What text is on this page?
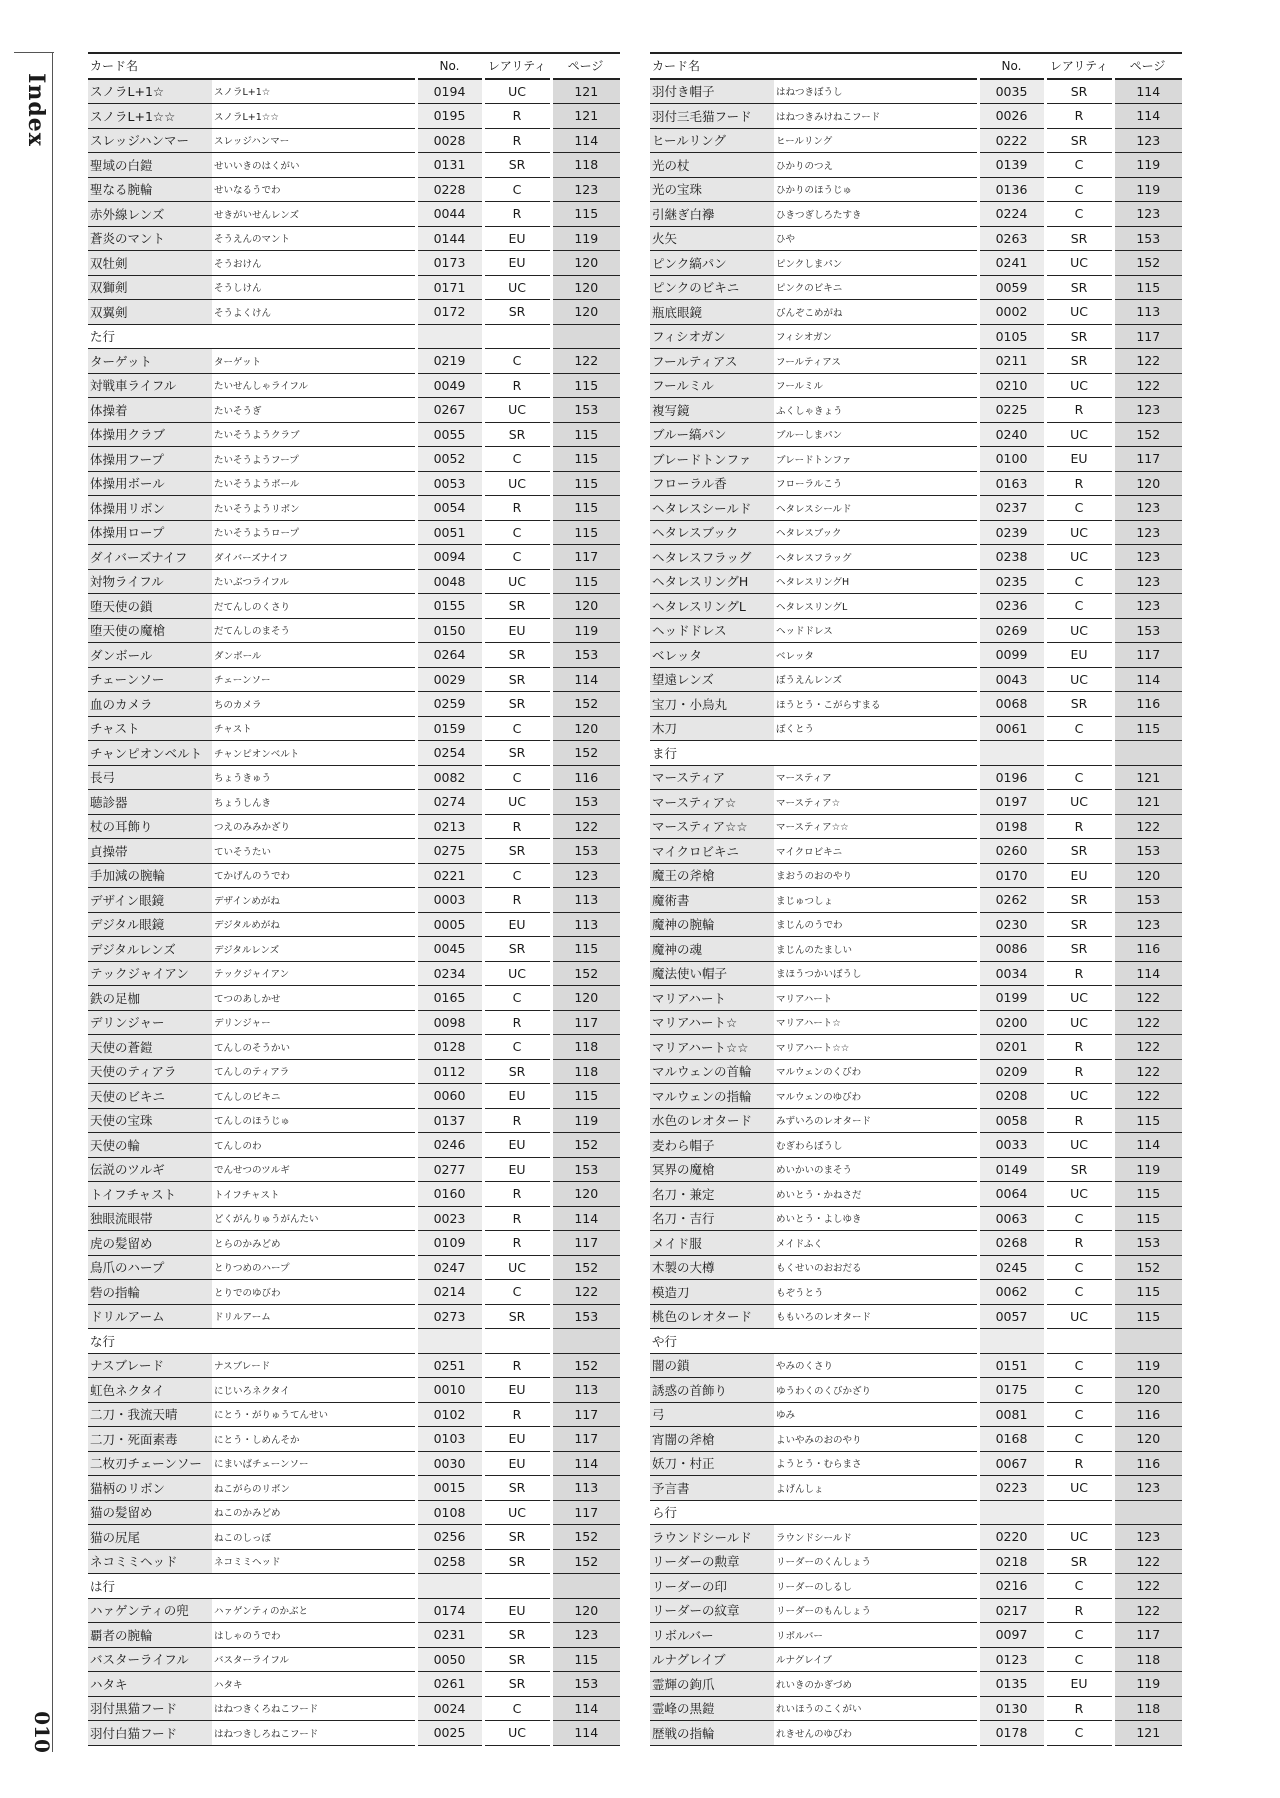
Index
010
カード名		No.	レアリティ	ページ
スノラL+1☆	スノラL+1☆	0194	UC	121
スノラL+1☆☆	スノラL+1☆☆	0195	R	121
スレッジハンマー	スレッジハンマー	0028	R	114
聖域の白鎧	せいいきのはくがい	0131	SR	118
聖なる腕輪	せいなるうでわ	0228	C	123
赤外線レンズ	せきがいせんレンズ	0044	R	115
蒼炎のマント	そうえんのマント	0144	EU	119
双牡剣	そうおけん	0173	EU	120
双獅剣	そうしけん	0171	UC	120
双翼剣	そうよくけん	0172	SR	120
た行				
ターゲット	ターゲット	0219	C	122
対戦車ライフル	たいせんしゃライフル	0049	R	115
体操着	たいそうぎ	0267	UC	153
体操用クラブ	たいそうようクラブ	0055	SR	115
体操用フープ	たいそうようフープ	0052	C	115
体操用ボール	たいそうようボール	0053	UC	115
体操用リボン	たいそうようリボン	0054	R	115
体操用ロープ	たいそうようロープ	0051	C	115
ダイバーズナイフ	ダイバーズナイフ	0094	C	117
対物ライフル	たいぶつライフル	0048	UC	115
堕天使の鎖	だてんしのくさり	0155	SR	120
堕天使の魔槍	だてんしのまそう	0150	EU	119
ダンボール	ダンボール	0264	SR	153
チェーンソー	チェーンソー	0029	SR	114
血のカメラ	ちのカメラ	0259	SR	152
チャスト	チャスト	0159	C	120
チャンピオンベルト	チャンピオンベルト	0254	SR	152
長弓	ちょうきゅう	0082	C	116
聴診器	ちょうしんき	0274	UC	153
杖の耳飾り	つえのみみかざり	0213	R	122
貞操帯	ていそうたい	0275	SR	153
手加減の腕輪	てかげんのうでわ	0221	C	123
デザイン眼鏡	デザインめがね	0003	R	113
デジタル眼鏡	デジタルめがね	0005	EU	113
デジタルレンズ	デジタルレンズ	0045	SR	115
テックジャイアン	テックジャイアン	0234	UC	152
鉄の足枷	てつのあしかせ	0165	C	120
デリンジャー	デリンジャー	0098	R	117
天使の蒼鎧	てんしのそうかい	0128	C	118
天使のティアラ	てんしのティアラ	0112	SR	118
天使のビキニ	てんしのビキニ	0060	EU	115
天使の宝珠	てんしのほうじゅ	0137	R	119
天使の輪	てんしのわ	0246	EU	152
伝説のツルギ	でんせつのツルギ	0277	EU	153
トイフチャスト	トイフチャスト	0160	R	120
独眼流眼帯	どくがんりゅうがんたい	0023	R	114
虎の髪留め	とらのかみどめ	0109	R	117
鳥爪のハープ	とりつめのハープ	0247	UC	152
砦の指輪	とりでのゆびわ	0214	C	122
ドリルアーム	ドリルアーム	0273	SR	153
な行				
ナスブレード	ナスブレード	0251	R	152
虹色ネクタイ	にじいろネクタイ	0010	EU	113
二刀・我流天晴	にとう・がりゅうてんせい	0102	R	117
二刀・死面素毒	にとう・しめんそか	0103	EU	117
二枚刃チェーンソー	にまいばチェーンソー	0030	EU	114
猫柄のリボン	ねこがらのリボン	0015	SR	113
猫の髪留め	ねこのかみどめ	0108	UC	117
猫の尻尾	ねこのしっぽ	0256	SR	152
ネコミミヘッド	ネコミミヘッド	0258	SR	152
は行				
ハァゲンティの兜	ハァゲンティのかぶと	0174	EU	120
覇者の腕輪	はしゃのうでわ	0231	SR	123
バスターライフル	バスターライフル	0050	SR	115
ハタキ	ハタキ	0261	SR	153
羽付黒猫フード	はねつきくろねこフード	0024	C	114
羽付白猫フード	はねつきしろねこフード	0025	UC	114
カード名		No.	レアリティ	ページ
羽付き帽子	はねつきぼうし	0035	SR	114
羽付三毛猫フード	はねつきみけねこフード	0026	R	114
ヒールリング	ヒールリング	0222	SR	123
光の杖	ひかりのつえ	0139	C	119
光の宝珠	ひかりのほうじゅ	0136	C	119
引継ぎ白襷	ひきつぎしろたすき	0224	C	123
火矢	ひや	0263	SR	153
ピンク縞パン	ピンクしまパン	0241	UC	152
ピンクのビキニ	ピンクのビキニ	0059	SR	115
瓶底眼鏡	びんぞこめがね	0002	UC	113
フィシオガン	フィシオガン	0105	SR	117
フールティアス	フールティアス	0211	SR	122
フールミル	フールミル	0210	UC	122
複写鏡	ふくしゃきょう	0225	R	123
ブルー縞パン	ブルーしまパン	0240	UC	152
ブレードトンファ	ブレードトンファ	0100	EU	117
フローラル香	フローラルこう	0163	R	120
ヘタレスシールド	ヘタレスシールド	0237	C	123
ヘタレスブック	ヘタレスブック	0239	UC	123
ヘタレスフラッグ	ヘタレスフラッグ	0238	UC	123
ヘタレスリングH	ヘタレスリングH	0235	C	123
ヘタレスリングL	ヘタレスリングL	0236	C	123
ヘッドドレス	ヘッドドレス	0269	UC	153
ベレッタ	ベレッタ	0099	EU	117
望遠レンズ	ぼうえんレンズ	0043	UC	114
宝刀・小烏丸	ほうとう・こがらすまる	0068	SR	116
木刀	ぼくとう	0061	C	115
ま行				
マースティア	マースティア	0196	C	121
マースティア☆	マースティア☆	0197	UC	121
マースティア☆☆	マースティア☆☆	0198	R	122
マイクロビキニ	マイクロビキニ	0260	SR	153
魔王の斧槍	まおうのおのやり	0170	EU	120
魔術書	まじゅつしょ	0262	SR	153
魔神の腕輪	まじんのうでわ	0230	SR	123
魔神の魂	まじんのたましい	0086	SR	116
魔法使い帽子	まほうつかいぼうし	0034	R	114
マリアハート	マリアハート	0199	UC	122
マリアハート☆	マリアハート☆	0200	UC	122
マリアハート☆☆	マリアハート☆☆	0201	R	122
マルウェンの首輪	マルウェンのくびわ	0209	R	122
マルウェンの指輪	マルウェンのゆびわ	0208	UC	122
水色のレオタード	みずいろのレオタード	0058	R	115
麦わら帽子	むぎわらぼうし	0033	UC	114
冥界の魔槍	めいかいのまそう	0149	SR	119
名刀・兼定	めいとう・かねさだ	0064	UC	115
名刀・吉行	めいとう・よしゆき	0063	C	115
メイド服	メイドふく	0268	R	153
木製の大樽	もくせいのおおだる	0245	C	152
模造刀	もぞうとう	0062	C	115
桃色のレオタード	ももいろのレオタード	0057	UC	115
や行				
闇の鎖	やみのくさり	0151	C	119
誘惑の首飾り	ゆうわくのくびかざり	0175	C	120
弓	ゆみ	0081	C	116
宵闇の斧槍	よいやみのおのやり	0168	C	120
妖刀・村正	ようとう・むらまさ	0067	R	116
予言書	よげんしょ	0223	UC	123
ら行				
ラウンドシールド	ラウンドシールド	0220	UC	123
リーダーの勲章	リーダーのくんしょう	0218	SR	122
リーダーの印	リーダーのしるし	0216	C	122
リーダーの紋章	リーダーのもんしょう	0217	R	122
リボルバー	リボルバー	0097	C	117
ルナグレイブ	ルナグレイブ	0123	C	118
霊輝の鉤爪	れいきのかぎづめ	0135	EU	119
霊峰の黒鎧	れいほうのこくがい	0130	R	118
歴戦の指輪	れきせんのゆびわ	0178	C	121
